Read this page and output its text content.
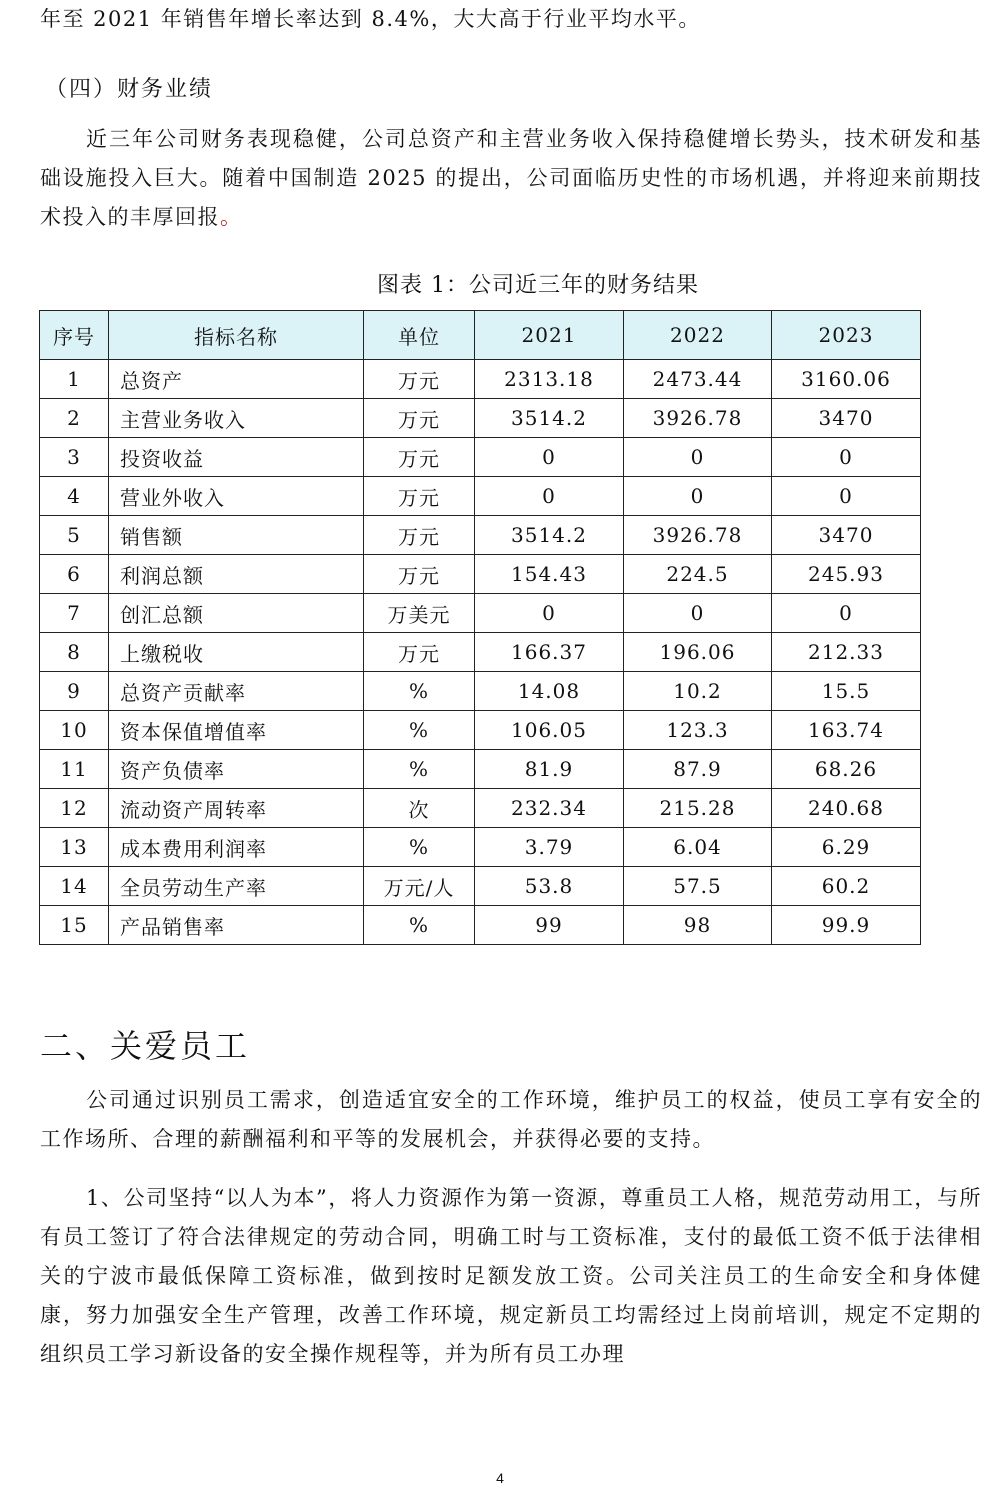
年至 2021 年销售年增长率达到 8.4%，大大高于行业平均水平。

（四）财务业绩

近三年公司财务表现稳健，公司总资产和主营业务收入保持稳健增长势头，技术研发和基础设施投入巨大。随着中国制造 2025 的提出，公司面临历史性的市场机遇，并将迎来前期技术投入的丰厚回报。

图表 1：公司近三年的财务结果

序号	指标名称	单位	2021	2022	2023
1	总资产	万元	2313.18	2473.44	3160.06
2	主营业务收入	万元	3514.2	3926.78	3470
3	投资收益	万元	0	0	0
4	营业外收入	万元	0	0	0
5	销售额	万元	3514.2	3926.78	3470
6	利润总额	万元	154.43	224.5	245.93
7	创汇总额	万美元	0	0	0
8	上缴税收	万元	166.37	196.06	212.33
9	总资产贡献率	%	14.08	10.2	15.5
10	资本保值增值率	%	106.05	123.3	163.74
11	资产负债率	%	81.9	87.9	68.26
12	流动资产周转率	次	232.34	215.28	240.68
13	成本费用利润率	%	3.79	6.04	6.29
14	全员劳动生产率	万元/人	53.8	57.5	60.2
15	产品销售率	%	99	98	99.9
二、关爱员工

公司通过识别员工需求，创造适宜安全的工作环境，维护员工的权益，使员工享有安全的工作场所、合理的薪酬福利和平等的发展机会，并获得必要的支持。

1、公司坚持“以人为本”，将人力资源作为第一资源，尊重员工人格，规范劳动用工，与所有员工签订了符合法律规定的劳动合同，明确工时与工资标准，支付的最低工资不低于法律相关的宁波市最低保障工资标准，做到按时足额发放工资。公司关注员工的生命安全和身体健康，努力加强安全生产管理，改善工作环境，规定新员工均需经过上岗前培训，规定不定期的组织员工学习新设备的安全操作规程等，并为所有员工办理

4
